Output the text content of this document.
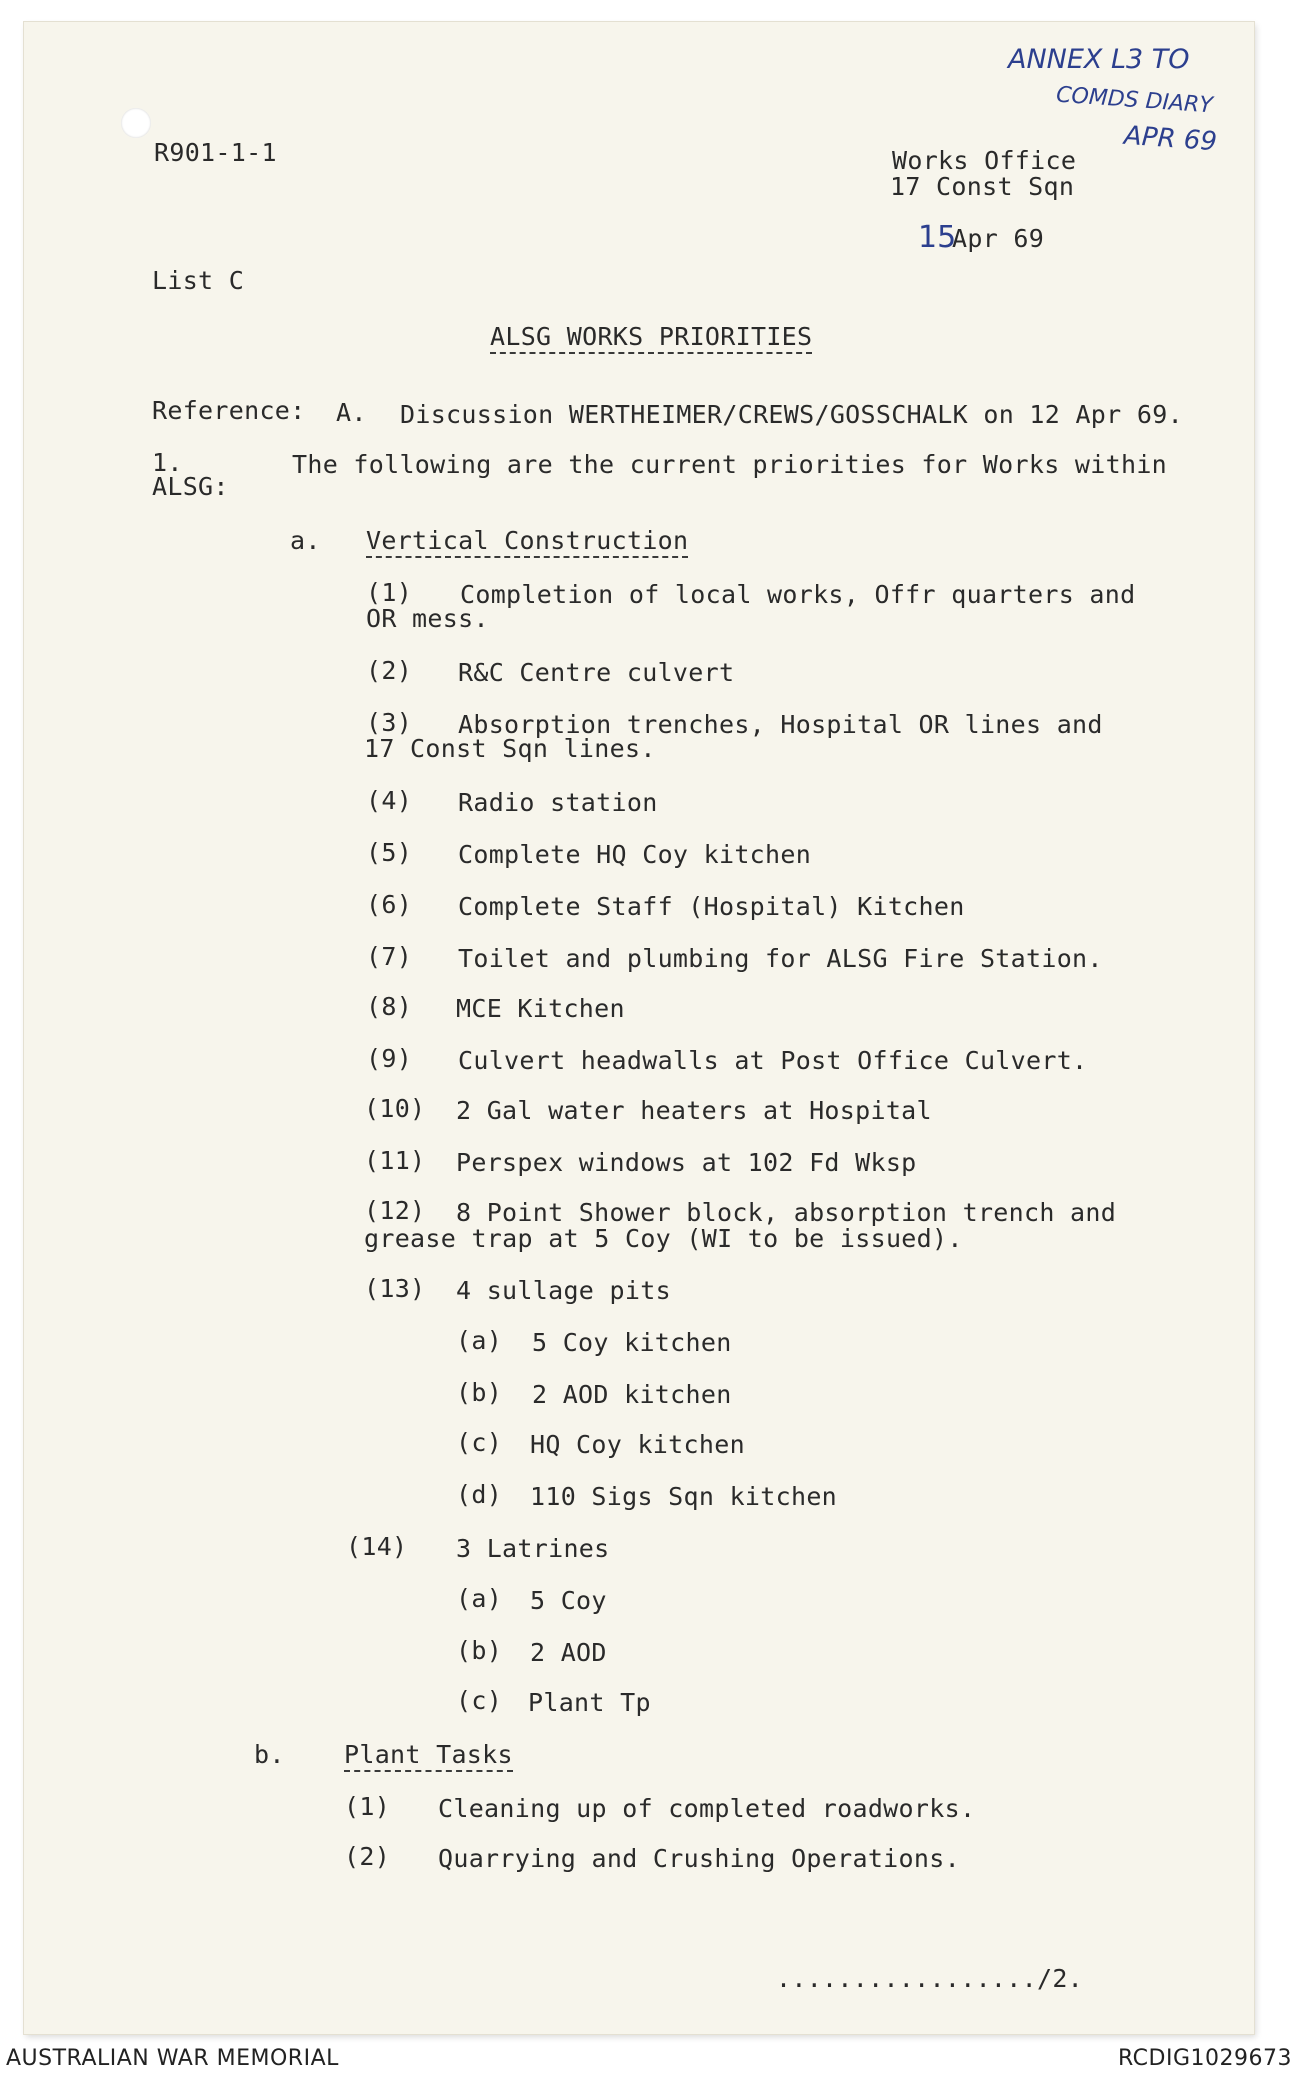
ANNEX L3 TO
COMDS DIARY
APR 69
R901-1-1	Works Office
17 Const Sqn
15
Apr 69
List C
ALSG WORKS PRIORITIES
Reference: A. Discussion WERTHEIMER/CREWS/GOSSCHALK on 12 Apr 69.
1.	The following are the current priorities for Works within
ALSG:
a. Vertical Construction
(1) Completion of local works, Offr quarters and
OR mess.
(2) R&C Centre culvert
(3) Absorption trenches, Hospital OR lines and
17 Const Sqn lines.
(4) Radio station
(5) Complete HQ Coy kitchen
(6) Complete Staff (Hospital) Kitchen
(7) Toilet and plumbing for ALSG Fire Station.
(8) MCE Kitchen
(9) Culvert headwalls at Post Office Culvert.
(10) 2 Gal water heaters at Hospital
(11) Perspex windows at 102 Fd Wksp
(12) 8 Point Shower block, absorption trench and
grease trap at 5 Coy (WI to be issued).
(13) 4 sullage pits
(a) 5 Coy kitchen
(b) 2 AOD kitchen
(c) HQ Coy kitchen
(d) 110 Sigs Sqn kitchen
(14) 3 Latrines
(a) 5 Coy
(b) 2 AOD
(c) Plant Tp
b. Plant Tasks
(1) Cleaning up of completed roadworks.
(2) Quarrying and Crushing Operations.
................./2.
AUSTRALIAN WAR MEMORIAL	RCDIG1029673
